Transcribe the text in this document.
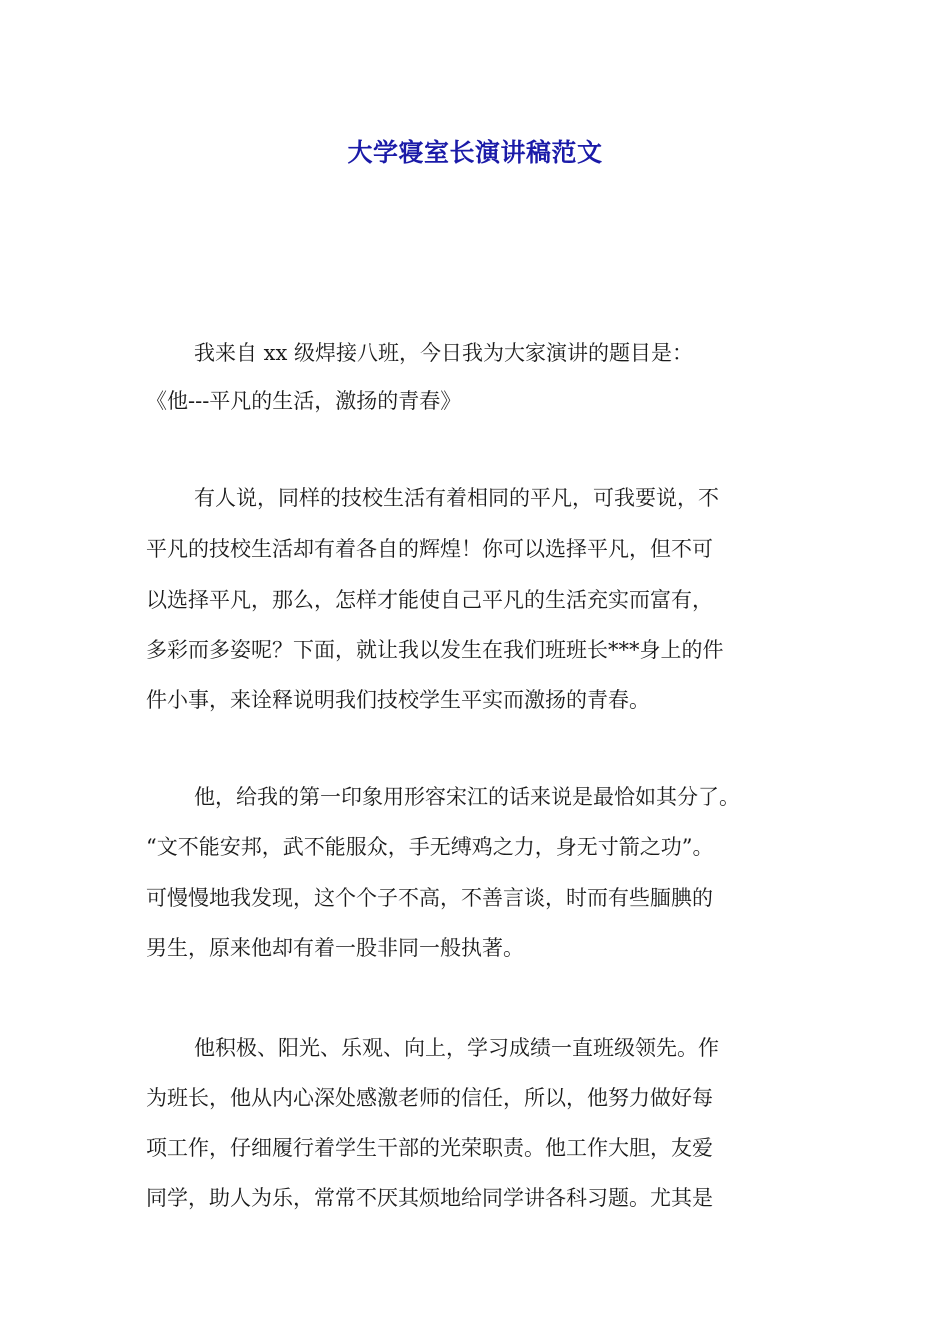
大学寝室长演讲稿范文

我来自 xx 级焊接八班，今日我为大家演讲的题目是：

《他---平凡的生活，激扬的青春》

有人说，同样的技校生活有着相同的平凡，可我要说，不

平凡的技校生活却有着各自的辉煌！你可以选择平凡，但不可

以选择平凡，那么，怎样才能使自己平凡的生活充实而富有，

多彩而多姿呢？下面，就让我以发生在我们班班长***身上的件

件小事，来诠释说明我们技校学生平实而激扬的青春。

他，给我的第一印象用形容宋江的话来说是最恰如其分了。

“文不能安邦，武不能服众，手无缚鸡之力，身无寸箭之功”。

可慢慢地我发现，这个个子不高，不善言谈，时而有些腼腆的

男生，原来他却有着一股非同一般执著。

他积极、阳光、乐观、向上，学习成绩一直班级领先。作

为班长，他从内心深处感激老师的信任，所以，他努力做好每

项工作，仔细履行着学生干部的光荣职责。他工作大胆，友爱

同学，助人为乐，常常不厌其烦地给同学讲各科习题。尤其是
